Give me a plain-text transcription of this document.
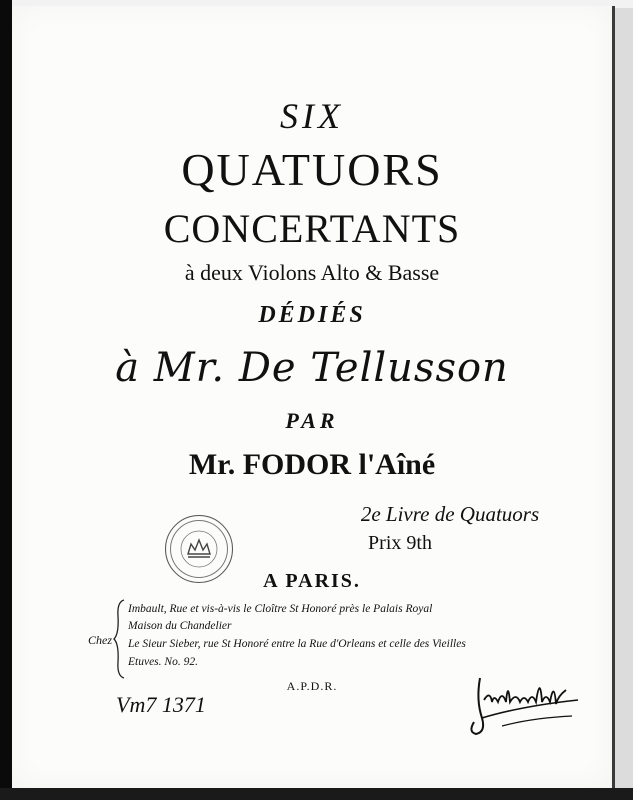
SIX
QUATUORS
CONCERTANTS
à deux Violons Alto & Basse
DÉDIÉS
à Mr. De Tellusson
PAR
Mr. FODOR l'Aîné
2e Livre de Quatuors
Prix 9th
A PARIS.
Chez
Imbault, Rue et vis-à-vis le Cloître St Honoré près le Palais Royal
Maison du Chandelier
Le Sieur Sieber, rue St Honoré entre la Rue d'Orleans et celle des Vieilles
Etuves. No. 92.
A.P.D.R.
Vm7 1371
